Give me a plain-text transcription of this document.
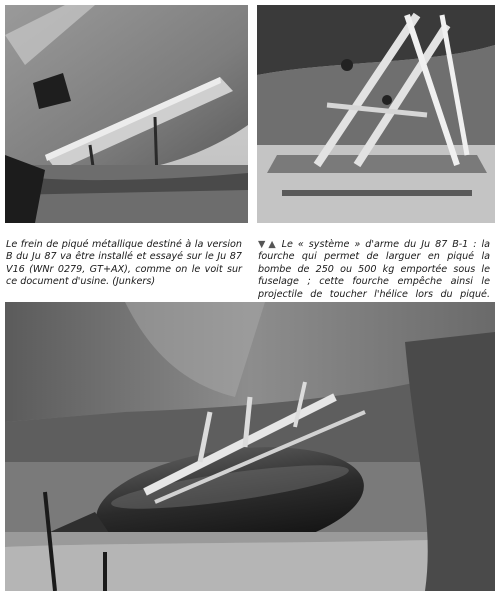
Le frein de piqué métallique destiné à la version B du Ju 87 va être installé et essayé sur le Ju 87 V16 (WNr 0279, GT+AX), comme on le voit sur ce document d'usine. (Junkers)

▼▲ Le « système » d'arme du Ju 87 B-1 : la fourche qui permet de larguer en piqué la bombe de 250 ou 500 kg emportée sous le fuselage ; cette fourche empêche ainsi le projectile de toucher l'hélice lors du piqué.
